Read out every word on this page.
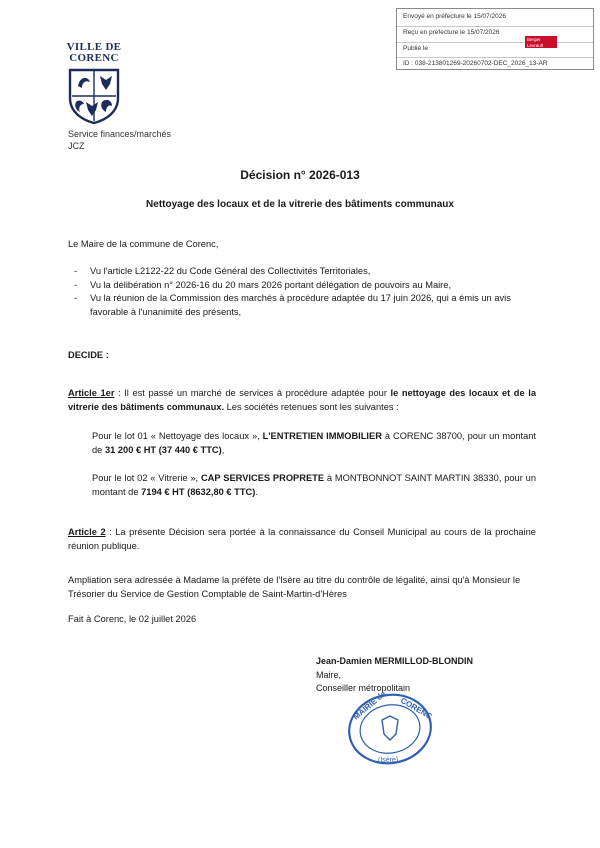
Envoyé en préfecture le 15/07/2026
Reçu en préfecture le 15/07/2026
Publié le
Berger Levrault
ID : 038-213801269-20260702-DEC_2026_13-AR
VILLE DE
CORENC
Service finances/marchés
JCZ
Décision n° 2026-013
Nettoyage des locaux et de la vitrerie des bâtiments communaux
Le Maire de la commune de Corenc,
- Vu l'article L2122-22 du Code Général des Collectivités Territoriales,
- Vu la délibération n° 2026-16 du 20 mars 2026 portant délégation de pouvoirs au Maire,
- Vu la réunion de la Commission des marchés à procédure adaptée du 17 juin 2026, qui a émis un avis favorable à l'unanimité des présents,
DECIDE :
Article 1er : Il est passé un marché de services à procédure adaptée pour le nettoyage des locaux et de la vitrerie des bâtiments communaux. Les sociétés retenues sont les suivantes :
Pour le lot 01 « Nettoyage des locaux », L'ENTRETIEN IMMOBILIER à CORENC 38700, pour un montant de 31 200 € HT (37 440 € TTC),
Pour le lot 02 « Vitrerie », CAP SERVICES PROPRETE à MONTBONNOT SAINT MARTIN 38330, pour un montant de 7194 € HT (8632,80 € TTC).
Article 2 : La présente Décision sera portée à la connaissance du Conseil Municipal au cours de la prochaine réunion publique.
Ampliation sera adressée à Madame la préfète de l'Isère au titre du contrôle de légalité, ainsi qu'à Monsieur le Trésorier du Service de Gestion Comptable de Saint-Martin-d'Hères
Fait à Corenc, le 02 juillet 2026
Jean-Damien MERMILLOD-BLONDIN
Maire,
Conseiller métropolitain
MAIRIE de CORENC
(Isère)
